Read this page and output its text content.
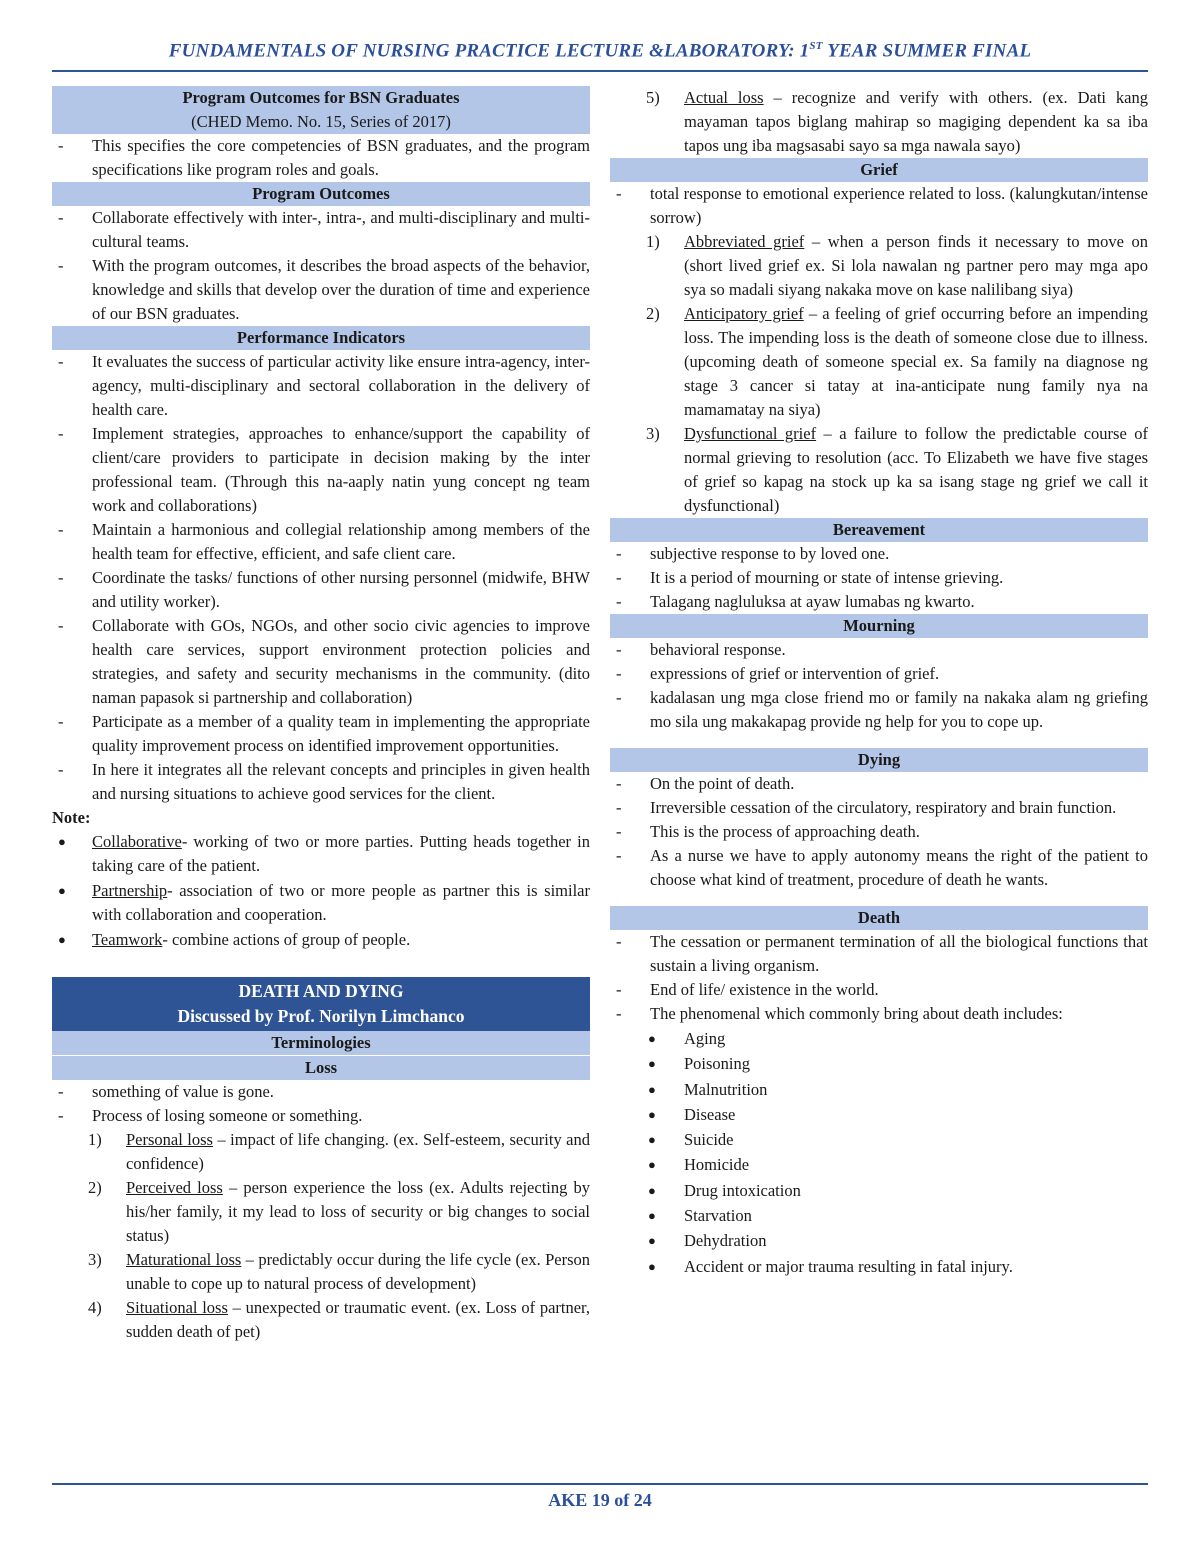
FUNDAMENTALS OF NURSING PRACTICE LECTURE &LABORATORY: 1ST YEAR SUMMER FINAL
Program Outcomes for BSN Graduates
(CHED Memo. No. 15, Series of 2017)
-	This specifies the core competencies of BSN graduates, and the program specifications like program roles and goals.
Program Outcomes
-	Collaborate effectively with inter-, intra-, and multi-disciplinary and multi-cultural teams.
-	With the program outcomes, it describes the broad aspects of the behavior, knowledge and skills that develop over the duration of time and experience of our BSN graduates.
Performance Indicators
-	It evaluates the success of particular activity like ensure intra-agency, inter-agency, multi-disciplinary and sectoral collaboration in the delivery of health care.
-	Implement strategies, approaches to enhance/support the capability of client/care providers to participate in decision making by the inter professional team. (Through this na-aaply natin yung concept ng team work and collaborations)
-	Maintain a harmonious and collegial relationship among members of the health team for effective, efficient, and safe client care.
-	Coordinate the tasks/ functions of other nursing personnel (midwife, BHW and utility worker).
-	Collaborate with GOs, NGOs, and other socio civic agencies to improve health care services, support environment protection policies and strategies, and safety and security mechanisms in the community. (dito naman papasok si partnership and collaboration)
-	Participate as a member of a quality team in implementing the appropriate quality improvement process on identified improvement opportunities.
-	In here it integrates all the relevant concepts and principles in given health and nursing situations to achieve good services for the client.
Note:
●	Collaborative- working of two or more parties. Putting heads together in taking care of the patient.
●	Partnership- association of two or more people as partner this is similar with collaboration and cooperation.
●	Teamwork- combine actions of group of people.
DEATH AND DYING
Discussed by Prof. Norilyn Limchanco
Terminologies
Loss
-	something of value is gone.
-	Process of losing someone or something.
1)	Personal loss – impact of life changing. (ex. Self-esteem, security and confidence)
2)	Perceived loss – person experience the loss (ex. Adults rejecting by his/her family, it my lead to loss of security or big changes to social status)
3)	Maturational loss – predictably occur during the life cycle (ex. Person unable to cope up to natural process of development)
4)	Situational loss – unexpected or traumatic event. (ex. Loss of partner, sudden death of pet)
5)	Actual loss – recognize and verify with others. (ex. Dati kang mayaman tapos biglang mahirap so magiging dependent ka sa iba tapos ung iba magsasabi sayo sa mga nawala sayo)
Grief
-	total response to emotional experience related to loss. (kalungkutan/intense sorrow)
1)	Abbreviated grief – when a person finds it necessary to move on (short lived grief ex. Si lola nawalan ng partner pero may mga apo sya so madali siyang nakaka move on kase nalilibang siya)
2)	Anticipatory grief – a feeling of grief occurring before an impending loss. The impending loss is the death of someone close due to illness. (upcoming death of someone special ex. Sa family na diagnose ng stage 3 cancer si tatay at ina-anticipate nung family nya na mamamatay na siya)
3)	Dysfunctional grief – a failure to follow the predictable course of normal grieving to resolution (acc. To Elizabeth we have five stages of grief so kapag na stock up ka sa isang stage ng grief we call it dysfunctional)
Bereavement
-	subjective response to by loved one.
-	It is a period of mourning or state of intense grieving.
-	Talagang nagluluksa at ayaw lumabas ng kwarto.
Mourning
-	behavioral response.
-	expressions of grief or intervention of grief.
-	kadalasan ung mga close friend mo or family na nakaka alam ng griefing mo sila ung makakapag provide ng help for you to cope up.
Dying
-	On the point of death.
-	Irreversible cessation of the circulatory, respiratory and brain function.
-	This is the process of approaching death.
-	As a nurse we have to apply autonomy means the right of the patient to choose what kind of treatment, procedure of death he wants.
Death
-	The cessation or permanent termination of all the biological functions that sustain a living organism.
-	End of life/ existence in the world.
-	The phenomenal which commonly bring about death includes:
●	Aging
●	Poisoning
●	Malnutrition
●	Disease
●	Suicide
●	Homicide
●	Drug intoxication
●	Starvation
●	Dehydration
●	Accident or major trauma resulting in fatal injury.
AKE 19 of 24
